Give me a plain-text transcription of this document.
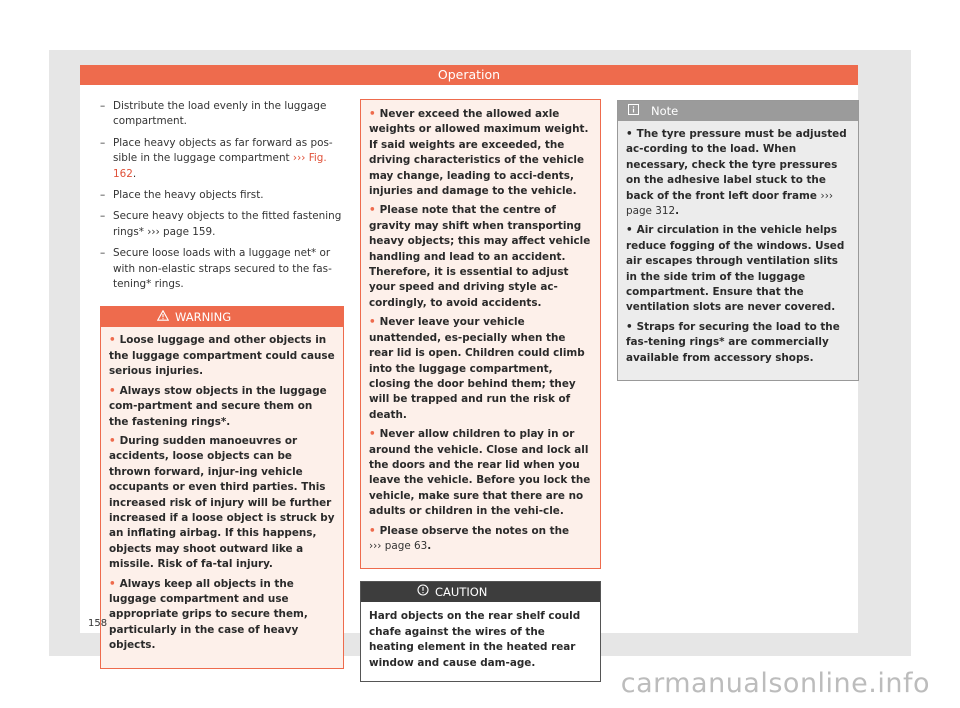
Operation
– Distribute the load evenly in the luggage compartment.
– Place heavy objects as far forward as pos-sible in the luggage compartment ››› Fig. 162.
– Place the heavy objects first.
– Secure heavy objects to the fitted fastening rings* ››› page 159.
– Secure loose loads with a luggage net* or with non-elastic straps secured to the fas-tening* rings.
WARNING

• Loose luggage and other objects in the luggage compartment could cause serious injuries.

• Always stow objects in the luggage com-partment and secure them on the fastening rings*.

• During sudden manoeuvres or accidents, loose objects can be thrown forward, injur-ing vehicle occupants or even third parties. This increased risk of injury will be further increased if a loose object is struck by an inflating airbag. If this happens, objects may shoot outward like a missile. Risk of fa-tal injury.

• Always keep all objects in the luggage compartment and use appropriate grips to secure them, particularly in the case of heavy objects.

• Never exceed the allowed axle weights or allowed maximum weight. If said weights are exceeded, the driving characteristics of the vehicle may change, leading to acci-dents, injuries and damage to the vehicle.

• Please note that the centre of gravity may shift when transporting heavy objects; this may affect vehicle handling and lead to an accident. Therefore, it is essential to adjust your speed and driving style ac-cordingly, to avoid accidents.

• Never leave your vehicle unattended, es-pecially when the rear lid is open. Children could climb into the luggage compartment, closing the door behind them; they will be trapped and run the risk of death.

• Never allow children to play in or around the vehicle. Close and lock all the doors and the rear lid when you leave the vehicle. Before you lock the vehicle, make sure that there are no adults or children in the vehi-cle.

• Please observe the notes on the
››› page 63.

CAUTION
Hard objects on the rear shelf could chafe against the wires of the heating element in the heated rear window and cause dam-age.
Note

• The tyre pressure must be adjusted ac-cording to the load. When necessary, check the tyre pressures on the adhesive label stuck to the back of the front left door frame ››› page 312.

• Air circulation in the vehicle helps reduce fogging of the windows. Used air escapes through ventilation slits in the side trim of the luggage compartment. Ensure that the ventilation slots are never covered.

• Straps for securing the load to the fas-tening rings* are commercially available from accessory shops.

158
carmanualsonline.info
